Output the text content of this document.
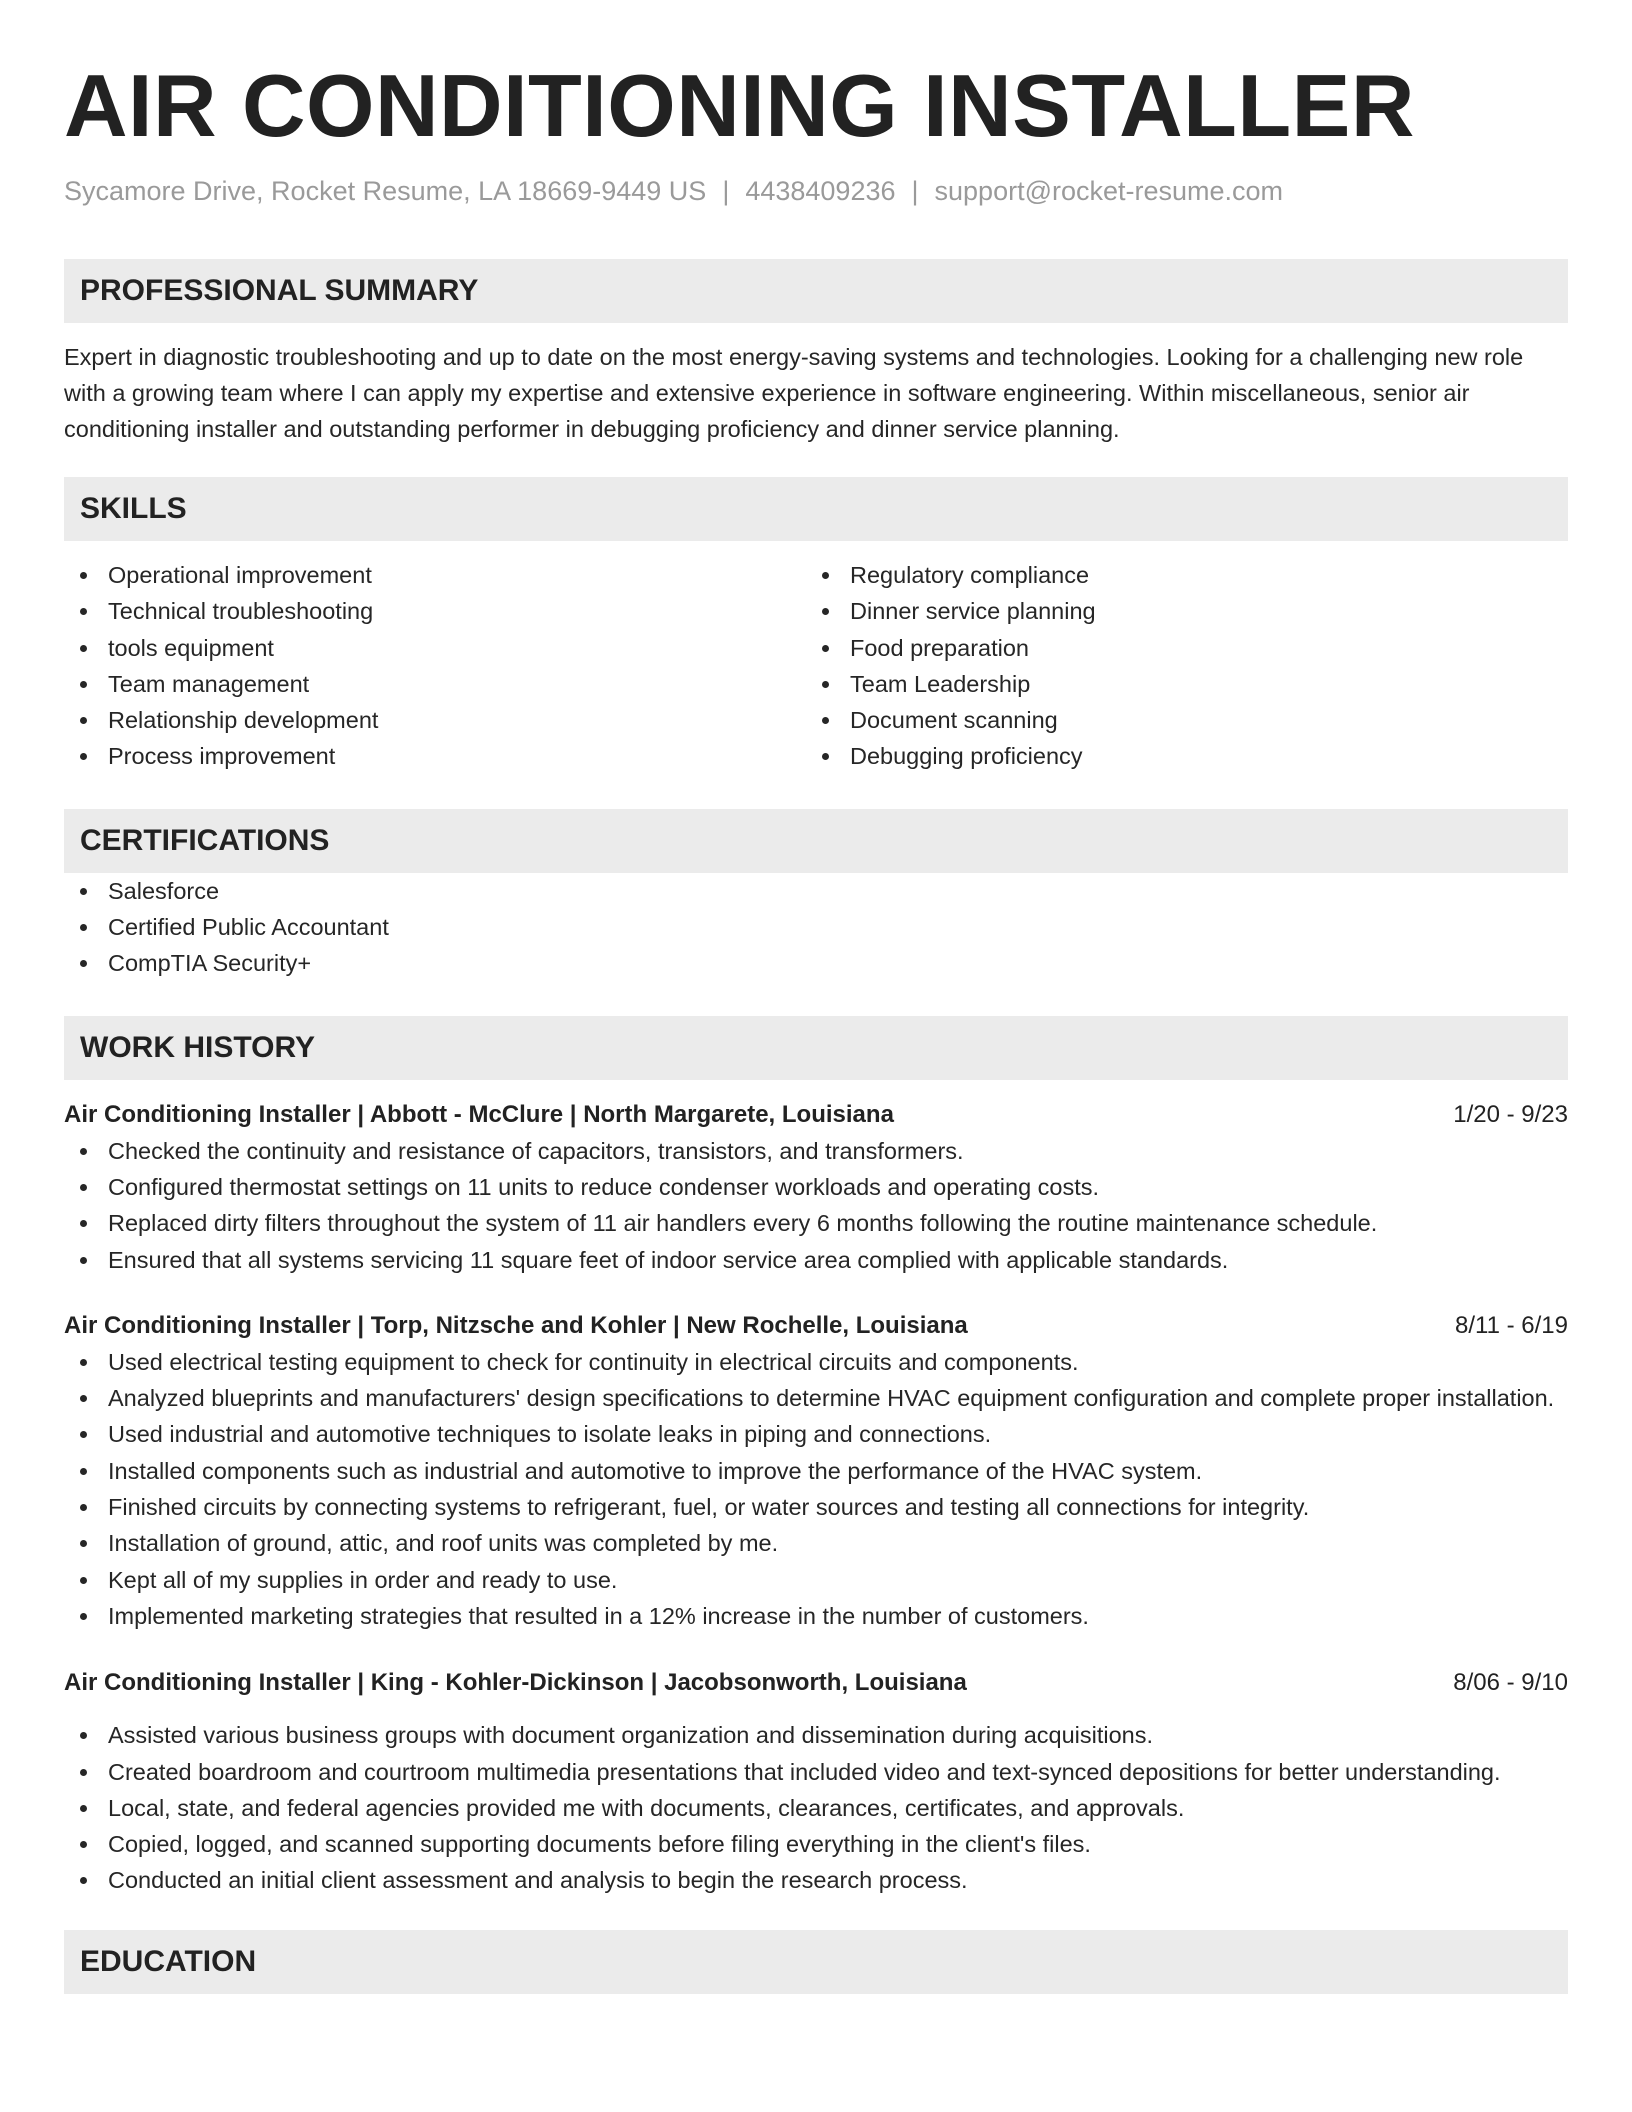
AIR CONDITIONING INSTALLER
Sycamore Drive, Rocket Resume, LA 18669-9449 US | 4438409236 | support@rocket-resume.com
PROFESSIONAL SUMMARY

Expert in diagnostic troubleshooting and up to date on the most energy-saving systems and technologies. Looking for a challenging new role with a growing team where I can apply my expertise and extensive experience in software engineering. Within miscellaneous, senior air conditioning installer and outstanding performer in debugging proficiency and dinner service planning.

SKILLS
Operational improvement
Technical troubleshooting
tools equipment
Team management
Relationship development
Process improvement
Regulatory compliance
Dinner service planning
Food preparation
Team Leadership
Document scanning
Debugging proficiency
CERTIFICATIONS
Salesforce
Certified Public Accountant
CompTIA Security+
WORK HISTORY
Air Conditioning Installer | Abbott - McClure | North Margarete, Louisiana	1/20 - 9/23
Checked the continuity and resistance of capacitors, transistors, and transformers.
Configured thermostat settings on 11 units to reduce condenser workloads and operating costs.
Replaced dirty filters throughout the system of 11 air handlers every 6 months following the routine maintenance schedule.
Ensured that all systems servicing 11 square feet of indoor service area complied with applicable standards.
Air Conditioning Installer | Torp, Nitzsche and Kohler | New Rochelle, Louisiana	8/11 - 6/19
Used electrical testing equipment to check for continuity in electrical circuits and components.
Analyzed blueprints and manufacturers' design specifications to determine HVAC equipment configuration and complete proper installation.
Used industrial and automotive techniques to isolate leaks in piping and connections.
Installed components such as industrial and automotive to improve the performance of the HVAC system.
Finished circuits by connecting systems to refrigerant, fuel, or water sources and testing all connections for integrity.
Installation of ground, attic, and roof units was completed by me.
Kept all of my supplies in order and ready to use.
Implemented marketing strategies that resulted in a 12% increase in the number of customers.
Air Conditioning Installer | King - Kohler-Dickinson | Jacobsonworth, Louisiana	8/06 - 9/10
Assisted various business groups with document organization and dissemination during acquisitions.
Created boardroom and courtroom multimedia presentations that included video and text-synced depositions for better understanding.
Local, state, and federal agencies provided me with documents, clearances, certificates, and approvals.
Copied, logged, and scanned supporting documents before filing everything in the client's files.
Conducted an initial client assessment and analysis to begin the research process.
EDUCATION
